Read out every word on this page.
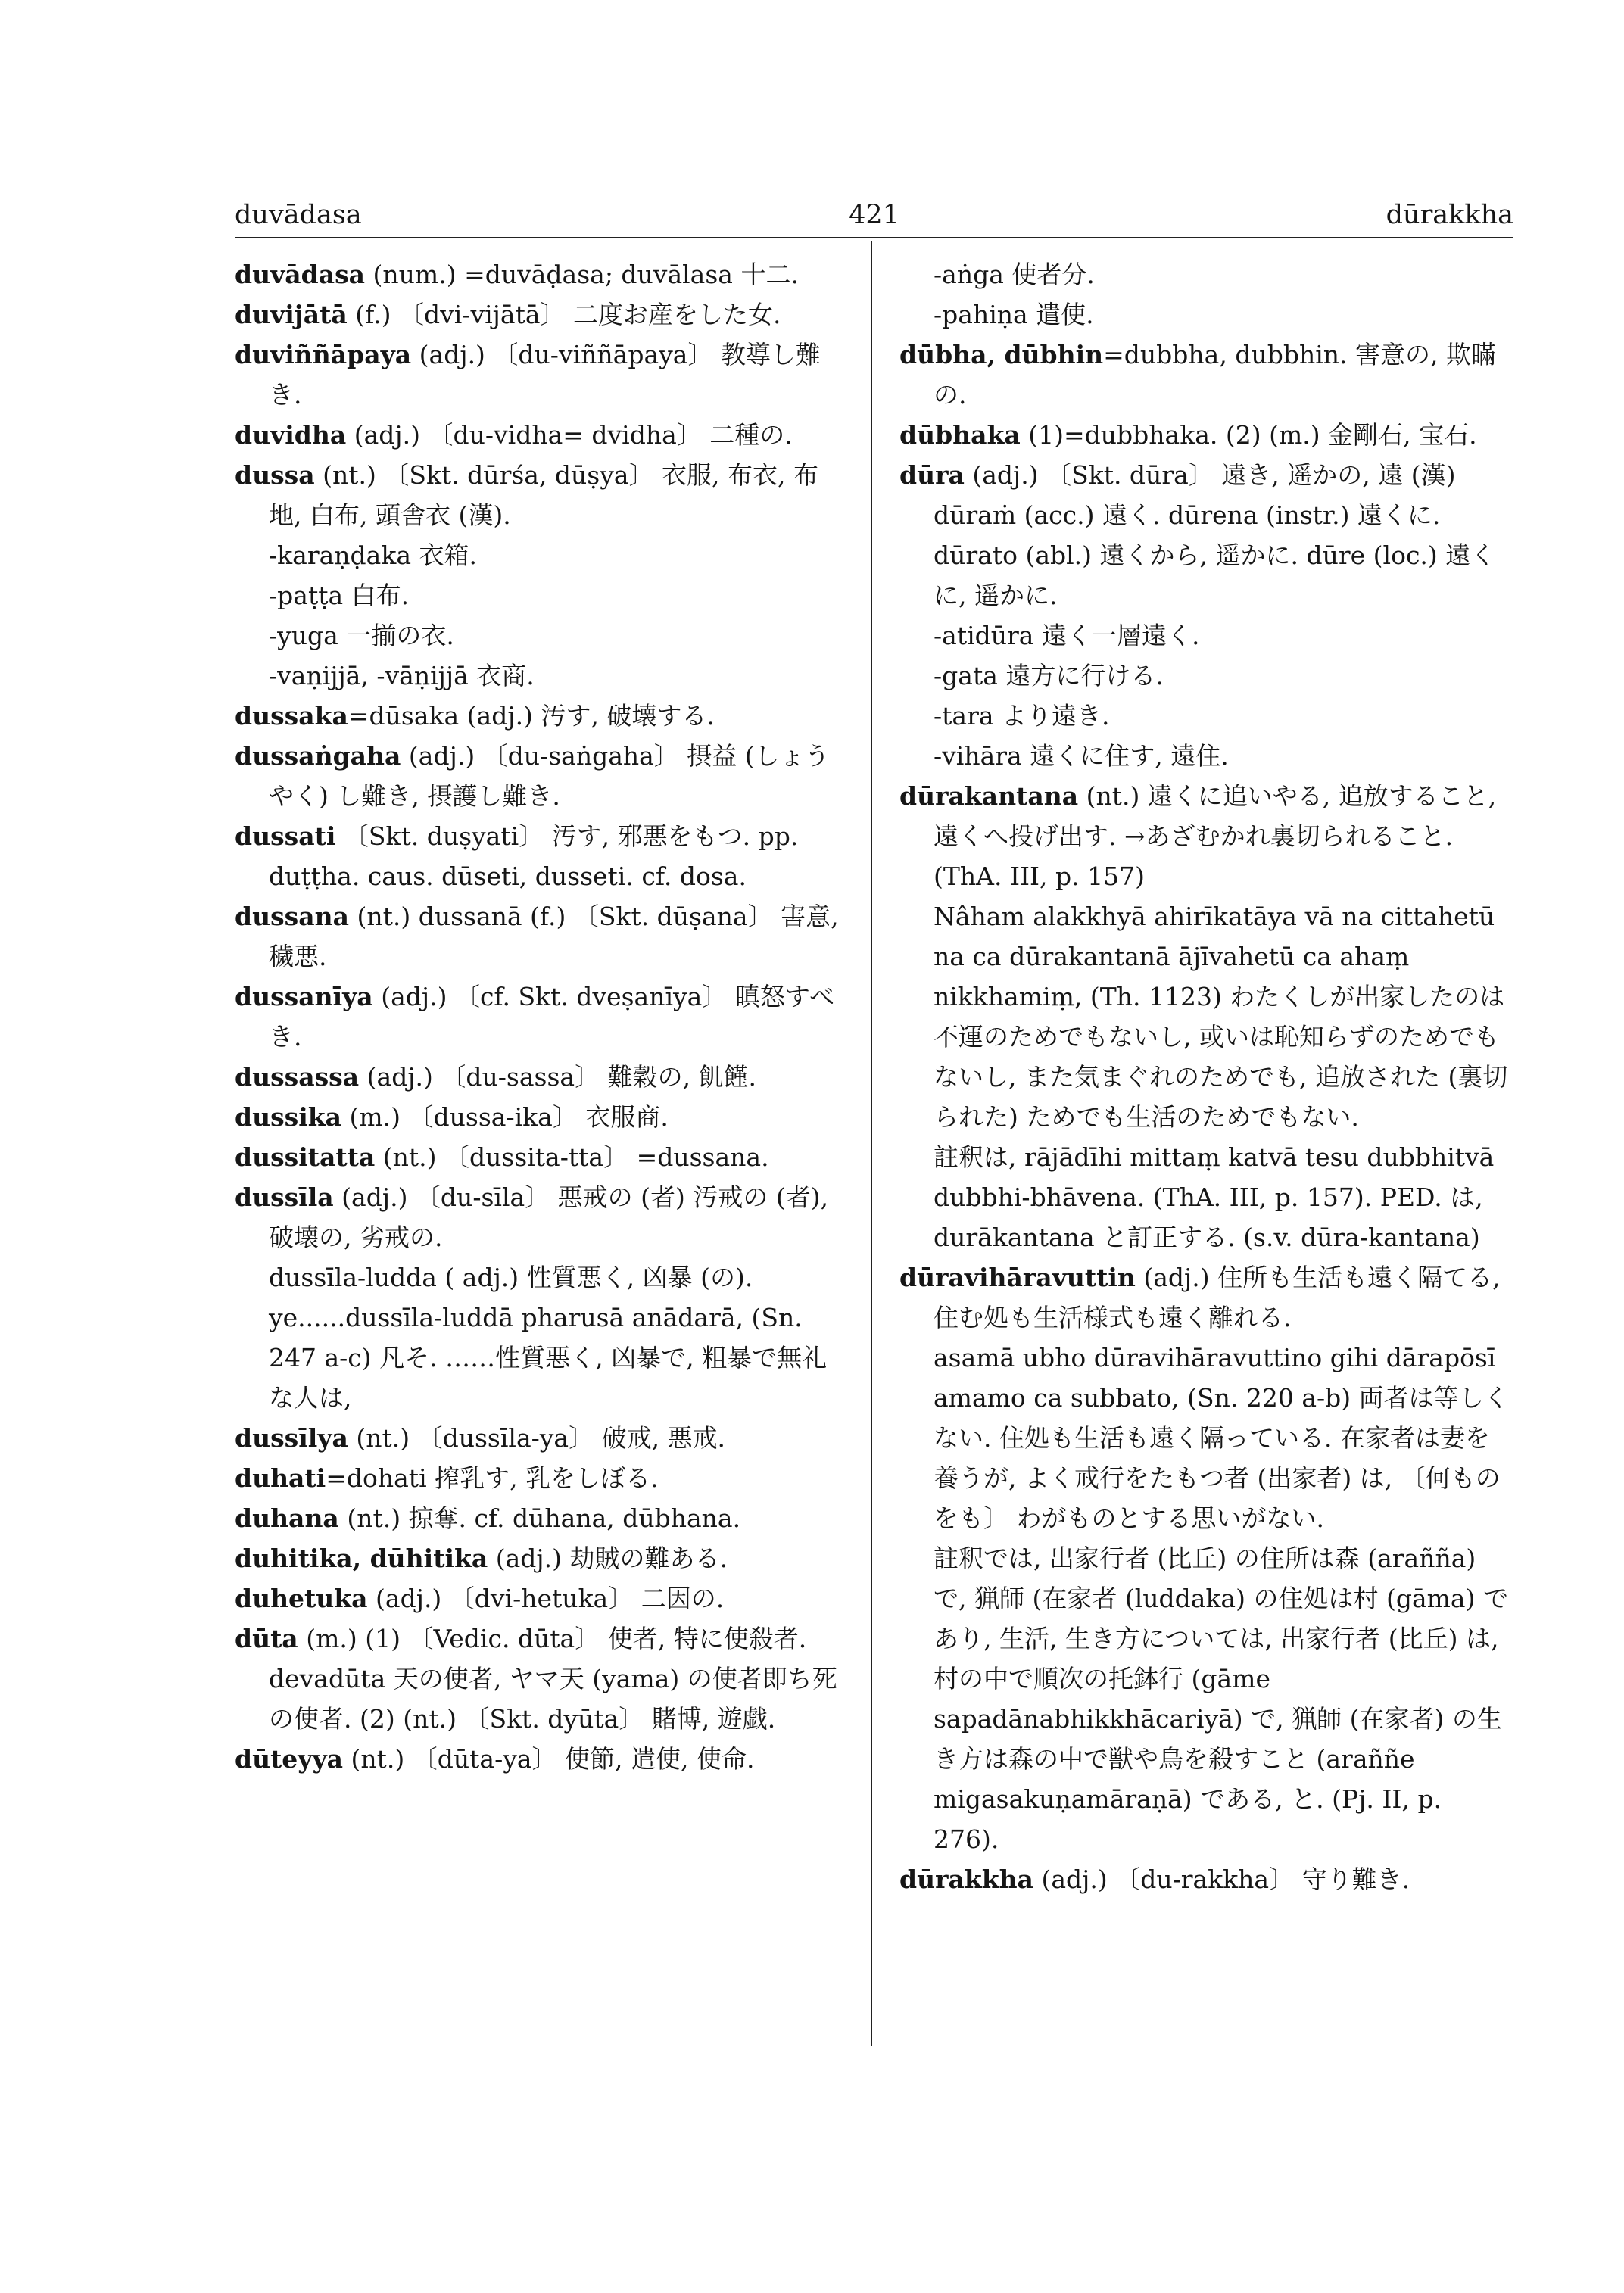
duvādasa	421	dūrakkha

duvādasa (num.) =duvāḍasa; duvālasa 十二.

duvijātā (f.) 〔dvi-vijātā〕 二度お産をした女.

duviññāpaya (adj.) 〔du-viññāpaya〕 教導し難き.

duvidha (adj.) 〔du-vidha= dvidha〕 二種の.

dussa (nt.) 〔Skt. dūrśa, dūṣya〕 衣服, 布衣, 布地, 白布, 頭舎衣 (漢).

-karaṇḍaka 衣箱.

-paṭṭa 白布.

-yuga 一揃の衣.

-vaṇijjā, -vāṇijjā 衣商.

dussaka=dūsaka (adj.) 汚す, 破壊する.

dussaṅgaha (adj.) 〔du-saṅgaha〕 摂益 (しょうやく) し難き, 摂護し難き.

dussati 〔Skt. duṣyati〕 汚す, 邪悪をもつ. pp. duṭṭha. caus. dūseti, dusseti. cf. dosa.

dussana (nt.) dussanā (f.) 〔Skt. dūṣana〕 害意, 穢悪.

dussanīya (adj.) 〔cf. Skt. dveṣanīya〕 瞋怒すべき.

dussassa (adj.) 〔du-sassa〕 難穀の, 飢饉.

dussika (m.) 〔dussa-ika〕 衣服商.

dussitatta (nt.) 〔dussita-tta〕 =dussana.

dussīla (adj.) 〔du-sīla〕 悪戒の (者) 汚戒の (者), 破壊の, 劣戒の.

dussīla-ludda ( adj.) 性質悪く, 凶暴 (の).

ye......dussīla-luddā pharusā anādarā, (Sn. 247 a-c) 凡そ. ……性質悪く, 凶暴で, 粗暴で無礼な人は,

dussīlya (nt.) 〔dussīla-ya〕 破戒, 悪戒.

duhati=dohati 搾乳す, 乳をしぼる.

duhana (nt.) 掠奪. cf. dūhana, dūbhana.

duhitika, dūhitika (adj.) 劫賊の難ある.

duhetuka (adj.) 〔dvi-hetuka〕 二因の.

dūta (m.) (1) 〔Vedic. dūta〕 使者, 特に使殺者. devadūta 天の使者, ヤマ天 (yama) の使者即ち死の使者. (2) (nt.) 〔Skt. dyūta〕 賭博, 遊戯.

dūteyya (nt.) 〔dūta-ya〕 使節, 遣使, 使命.

-aṅga 使者分.

-pahiṇa 遣使.

dūbha, dūbhin=dubbha, dubbhin. 害意の, 欺瞞の.

dūbhaka (1)=dubbhaka. (2) (m.) 金剛石, 宝石.

dūra (adj.) 〔Skt. dūra〕 遠き, 遥かの, 遠 (漢) dūraṁ (acc.) 遠く. dūrena (instr.) 遠くに. dūrato (abl.) 遠くから, 遥かに. dūre (loc.) 遠くに, 遥かに.

-atidūra 遠く一層遠く.

-gata 遠方に行ける.

-tara より遠き.

-vihāra 遠くに住す, 遠住.

dūrakantana (nt.) 遠くに追いやる, 追放すること, 遠くへ投げ出す. →あざむかれ裏切られること. (ThA. III, p. 157)

Nâham alakkhyā ahirīkatāya vā na cittahetū na ca dūrakantanā ājīvahetū ca ahaṃ nikkhamiṃ, (Th. 1123) わたくしが出家したのは不運のためでもないし, 或いは恥知らずのためでもないし, また気まぐれのためでも, 追放された (裏切られた) ためでも生活のためでもない.

註釈は, rājādīhi mittaṃ katvā tesu dubbhitvā dubbhi-bhāvena. (ThA. III, p. 157). PED. は, durākantana と訂正する. (s.v. dūra-kantana)

dūravihāravuttin (adj.) 住所も生活も遠く隔てる, 住む処も生活様式も遠く離れる.

asamā ubho dūravihāravuttino gihi dārapōsī amamo ca subbato, (Sn. 220 a-b) 両者は等しくない. 住処も生活も遠く隔っている. 在家者は妻を養うが, よく戒行をたもつ者 (出家者) は, 〔何ものをも〕 わがものとする思いがない.

註釈では, 出家行者 (比丘) の住所は森 (arañña) で, 猟師 (在家者 (luddaka) の住処は村 (gāma) であり, 生活, 生き方については, 出家行者 (比丘) は, 村の中で順次の托鉢行 (gāme sapadānabhikkhācariyā) で, 猟師 (在家者) の生き方は森の中で獣や鳥を殺すこと (araññe migasakuṇamāraṇā) である, と. (Pj. II, p. 276).

dūrakkha (adj.) 〔du-rakkha〕 守り難き.
